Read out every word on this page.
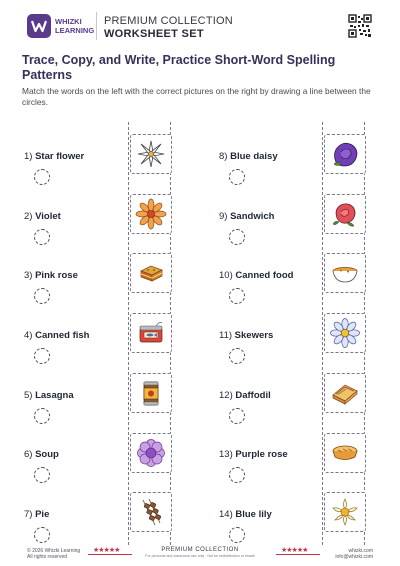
WHIZKI
LEARNING
PREMIUM COLLECTION
WORKSHEET SET
Trace, Copy, and Write, Practice Short-Word Spelling Patterns
Match the words on the left with the correct pictures on the right by drawing a line between the circles.
1) Star flower
2) Violet
3) Pink rose
4) Canned fish
5) Lasagna
6) Soup
7) Pie
8) Blue daisy
9) Sandwich
10) Canned food
11) Skewers
12) Daffodil
13) Purple rose
14) Blue lily
© 2026 Whizki Learning
All rights reserved
★★★★★	PREMIUM COLLECTION
For personal and classroom use only · Not for redistribution or resale
★★★★★	whizki.com
info@whizki.com
